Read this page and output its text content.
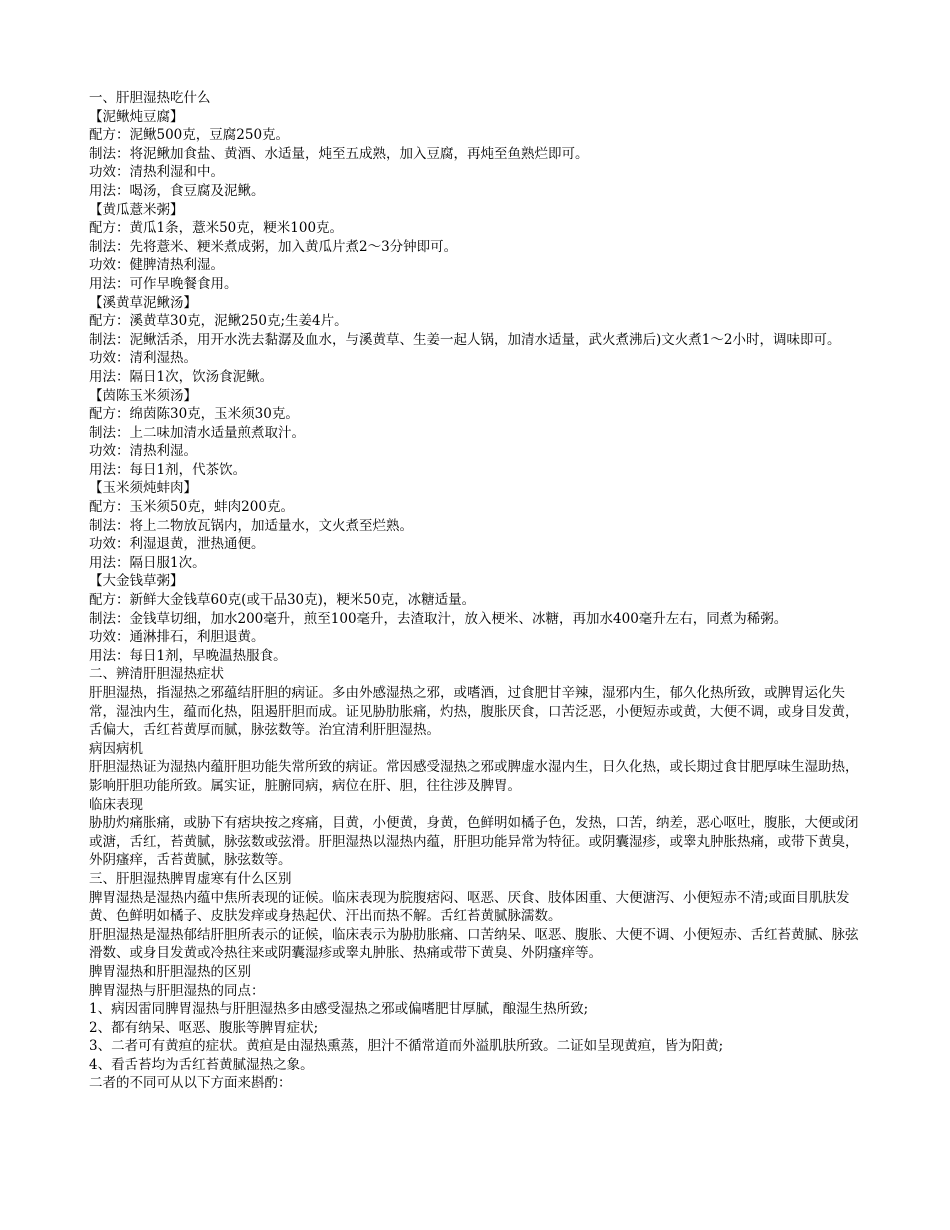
一、肝胆湿热吃什么

【泥鳅炖豆腐】

配方：泥鳅500克，豆腐250克。

制法：将泥鳅加食盐、黄酒、水适量，炖至五成熟，加入豆腐，再炖至鱼熟烂即可。

功效：清热利湿和中。

用法：喝汤，食豆腐及泥鳅。

【黄瓜薏米粥】

配方：黄瓜1条，薏米50克，粳米100克。

制法：先将薏米、粳米煮成粥，加入黄瓜片煮2～3分钟即可。

功效：健脾清热利湿。

用法：可作早晚餐食用。

【溪黄草泥鳅汤】

配方：溪黄草30克，泥鳅250克;生姜4片。

制法：泥鳅活杀，用开水洗去黏潺及血水，与溪黄草、生姜一起人锅，加清水适量，武火煮沸后)文火煮1～2小时，调味即可。

功效：清利湿热。

用法：隔日1次，饮汤食泥鳅。

【茵陈玉米须汤】

配方：绵茵陈30克，玉米须30克。

制法：上二味加清水适量煎煮取汁。

功效：清热利湿。

用法：每日1剂，代茶饮。

【玉米须炖蚌肉】

配方：玉米须50克，蚌肉200克。

制法：将上二物放瓦锅内，加适量水，文火煮至烂熟。

功效：利湿退黄，泄热通便。

用法：隔日服1次。

【大金钱草粥】

配方：新鲜大金钱草60克(或干品30克)，粳米50克，冰糖适量。

制法：金钱草切细，加水200毫升，煎至100毫升，去渣取汁，放入梗米、冰糖，再加水400毫升左右，同煮为稀粥。

功效：通淋排石，利胆退黄。

用法：每日1剂，早晚温热服食。

二、辨清肝胆湿热症状

肝胆湿热，指湿热之邪蕴结肝胆的病证。多由外感湿热之邪，或嗜酒，过食肥甘辛辣，湿邪内生，郁久化热所致，或脾胃运化失常，湿浊内生，蕴而化热，阻遏肝胆而成。证见胁肋胀痛，灼热，腹胀厌食，口苦泛恶，小便短赤或黄，大便不调，或身目发黄，舌偏大，舌红苔黄厚而腻，脉弦数等。治宜清利肝胆湿热。

病因病机

肝胆湿热证为湿热内蕴肝胆功能失常所致的病证。常因感受湿热之邪或脾虚水湿内生，日久化热，或长期过食甘肥厚味生湿助热，影响肝胆功能所致。属实证，脏腑同病，病位在肝、胆，往往涉及脾胃。

临床表现

胁肋灼痛胀痛，或胁下有痞块按之疼痛，目黄，小便黄，身黄，色鲜明如橘子色，发热，口苦，纳差，恶心呕吐，腹胀，大便或闭或溏，舌红，苔黄腻，脉弦数或弦滑。肝胆湿热以湿热内蕴，肝胆功能异常为特征。或阴囊湿疹，或睾丸肿胀热痛，或带下黄臭，外阴瘙痒，舌苔黄腻，脉弦数等。

三、肝胆湿热脾胃虚寒有什么区别

脾胃湿热是湿热内蕴中焦所表现的证候。临床表现为脘腹痞闷、呕恶、厌食、肢体困重、大便溏泻、小便短赤不清;或面目肌肤发黄、色鲜明如橘子、皮肤发痒或身热起伏、汗出而热不解。舌红苔黄腻脉濡数。

肝胆湿热是湿热郁结肝胆所表示的证候，临床表示为胁肋胀痛、口苦纳呆、呕恶、腹胀、大便不调、小便短赤、舌红苔黄腻、脉弦滑数、或身目发黄或冷热往来或阴囊湿疹或睾丸肿胀、热痛或带下黄臭、外阴瘙痒等。

脾胃湿热和肝胆湿热的区别

脾胃湿热与肝胆湿热的同点：

1、病因雷同脾胃湿热与肝胆湿热多由感受湿热之邪或偏嗜肥甘厚腻，酿湿生热所致;

2、都有纳呆、呕恶、腹胀等脾胃症状;

3、二者可有黄疸的症状。黄疸是由湿热熏蒸，胆汁不循常道而外溢肌肤所致。二证如呈现黄疸，皆为阳黄;

4、看舌苔均为舌红苔黄腻湿热之象。

二者的不同可从以下方面来斟酌：
